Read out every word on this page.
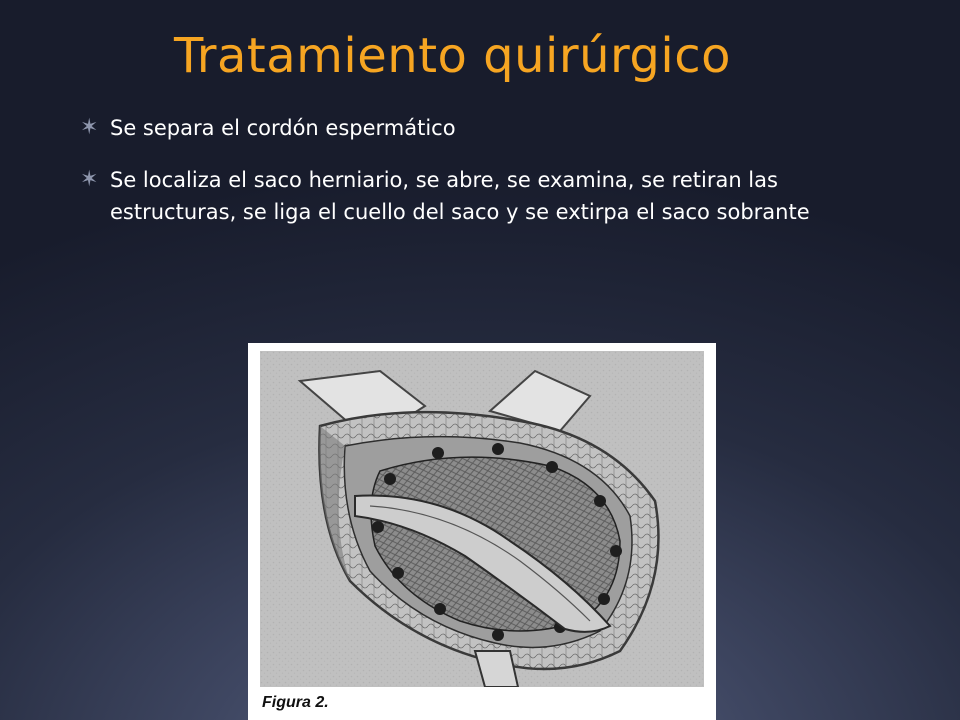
Tratamiento quirúrgico
✶ Se separa el cordón espermático
✶ Se localiza el saco herniario, se abre, se examina, se retiran las estructuras, se liga el cuello del saco y se extirpa el saco sobrante
Figura 2.
